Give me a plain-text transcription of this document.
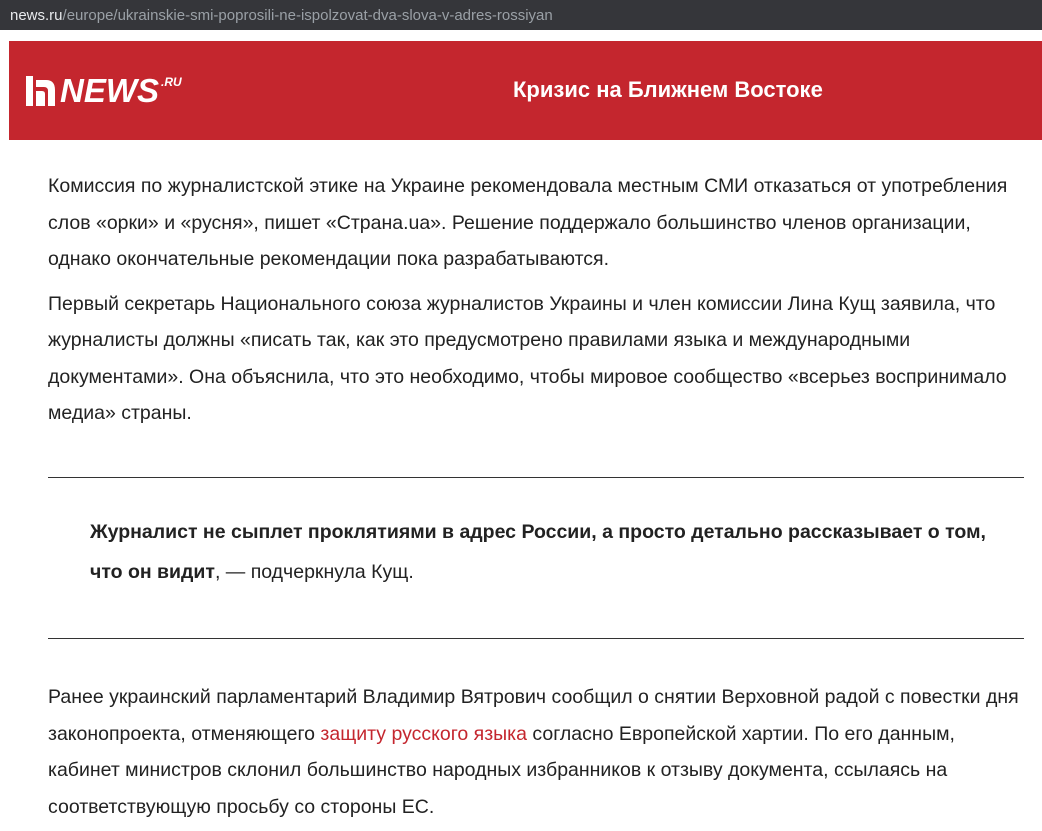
news.ru/europe/ukrainskie-smi-poprosili-ne-ispolzovat-dva-slova-v-adres-rossiyan
NEWS .RU	Кризис на Ближнем Востоке

Комиссия по журналистской этике на Украине рекомендовала местным СМИ отказаться от употребления слов «орки» и «русня», пишет «Страна.ua». Решение поддержало большинство членов организации, однако окончательные рекомендации пока разрабатываются.

Первый секретарь Национального союза журналистов Украины и член комиссии Лина Кущ заявила, что журналисты должны «писать так, как это предусмотрено правилами языка и международными документами». Она объяснила, что это необходимо, чтобы мировое сообщество «всерьез воспринимало медиа» страны.

Журналист не сыплет проклятиями в адрес России, а просто детально рассказывает о том, что он видит, — подчеркнула Кущ.

Ранее украинский парламентарий Владимир Вятрович сообщил о снятии Верховной радой с повестки дня законопроекта, отменяющего защиту русского языка согласно Европейской хартии. По его данным, кабинет министров склонил большинство народных избранников к отзыву документа, ссылаясь на соответствующую просьбу со стороны ЕС.
